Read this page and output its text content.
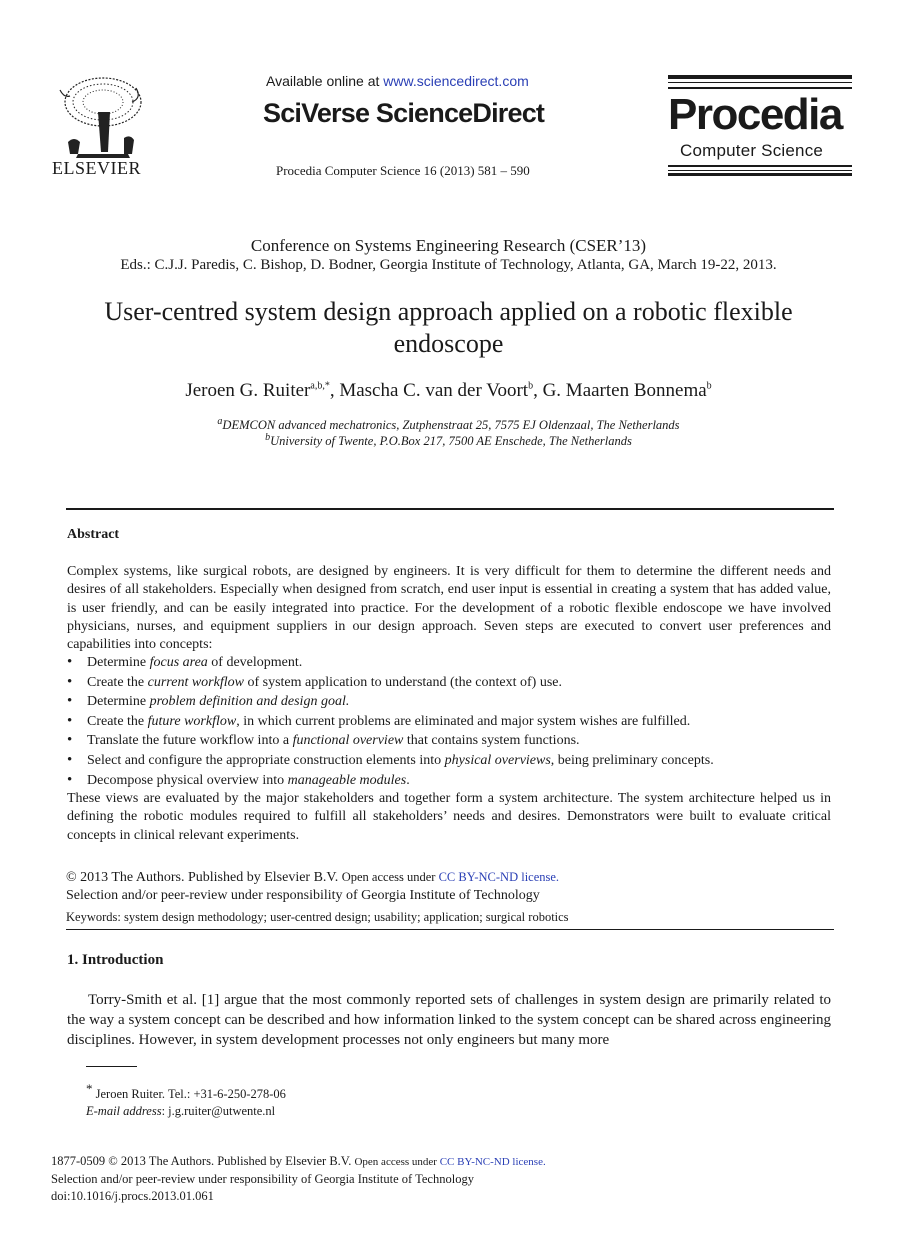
ELSEVIER
Available online at www.sciencedirect.com
SciVerse ScienceDirect
Procedia Computer Science 16 (2013) 581 – 590
Procedia
Computer Science
Conference on Systems Engineering Research (CSER’13)
Eds.: C.J.J. Paredis, C. Bishop, D. Bodner, Georgia Institute of Technology, Atlanta, GA, March 19-22, 2013.
User-centred system design approach applied on a robotic flexible
endoscope
Jeroen G. Ruiter$^{a,b,*}$, Mascha C. van der Voort$^b$, G. Maarten Bonnema$^b$
$^a$DEMCON advanced mechatronics, Zutphenstraat 25, 7575 EJ Oldenzaal, The Netherlands
$^b$University of Twente, P.O.Box 217, 7500 AE Enschede, The Netherlands
Abstract
Complex systems, like surgical robots, are designed by engineers. It is very difficult for them to determine the different needs and desires of all stakeholders. Especially when designed from scratch, end user input is essential in creating a system that has added value, is user friendly, and can be easily integrated into practice. For the development of a robotic flexible endoscope we have involved physicians, nurses, and equipment suppliers in our design approach. Seven steps are executed to convert user preferences and capabilities into concepts:
• Determine focus area of development.
• Create the current workflow of system application to understand (the context of) use.
• Determine problem definition and design goal.
• Create the future workflow, in which current problems are eliminated and major system wishes are fulfilled.
• Translate the future workflow into a functional overview that contains system functions.
• Select and configure the appropriate construction elements into physical overviews, being preliminary concepts.
• Decompose physical overview into manageable modules.
These views are evaluated by the major stakeholders and together form a system architecture. The system architecture helped us in defining the robotic modules required to fulfill all stakeholders’ needs and desires. Demonstrators were built to evaluate critical concepts in clinical relevant experiments.
© 2013 The Authors. Published by Elsevier B.V. Open access under CC BY-NC-ND license.
Selection and/or peer-review under responsibility of Georgia Institute of Technology
Keywords: system design methodology; user-centred design; usability; application; surgical robotics
1. Introduction
Torry-Smith et al. [1] argue that the most commonly reported sets of challenges in system design are primarily related to the way a system concept can be described and how information linked to the system concept can be shared across engineering disciplines. However, in system development processes not only engineers but many more
* Jeroen Ruiter. Tel.: +31-6-250-278-06
E-mail address: j.g.ruiter@utwente.nl
1877-0509 © 2013 The Authors. Published by Elsevier B.V. Open access under CC BY-NC-ND license.
Selection and/or peer-review under responsibility of Georgia Institute of Technology
doi:10.1016/j.procs.2013.01.061
